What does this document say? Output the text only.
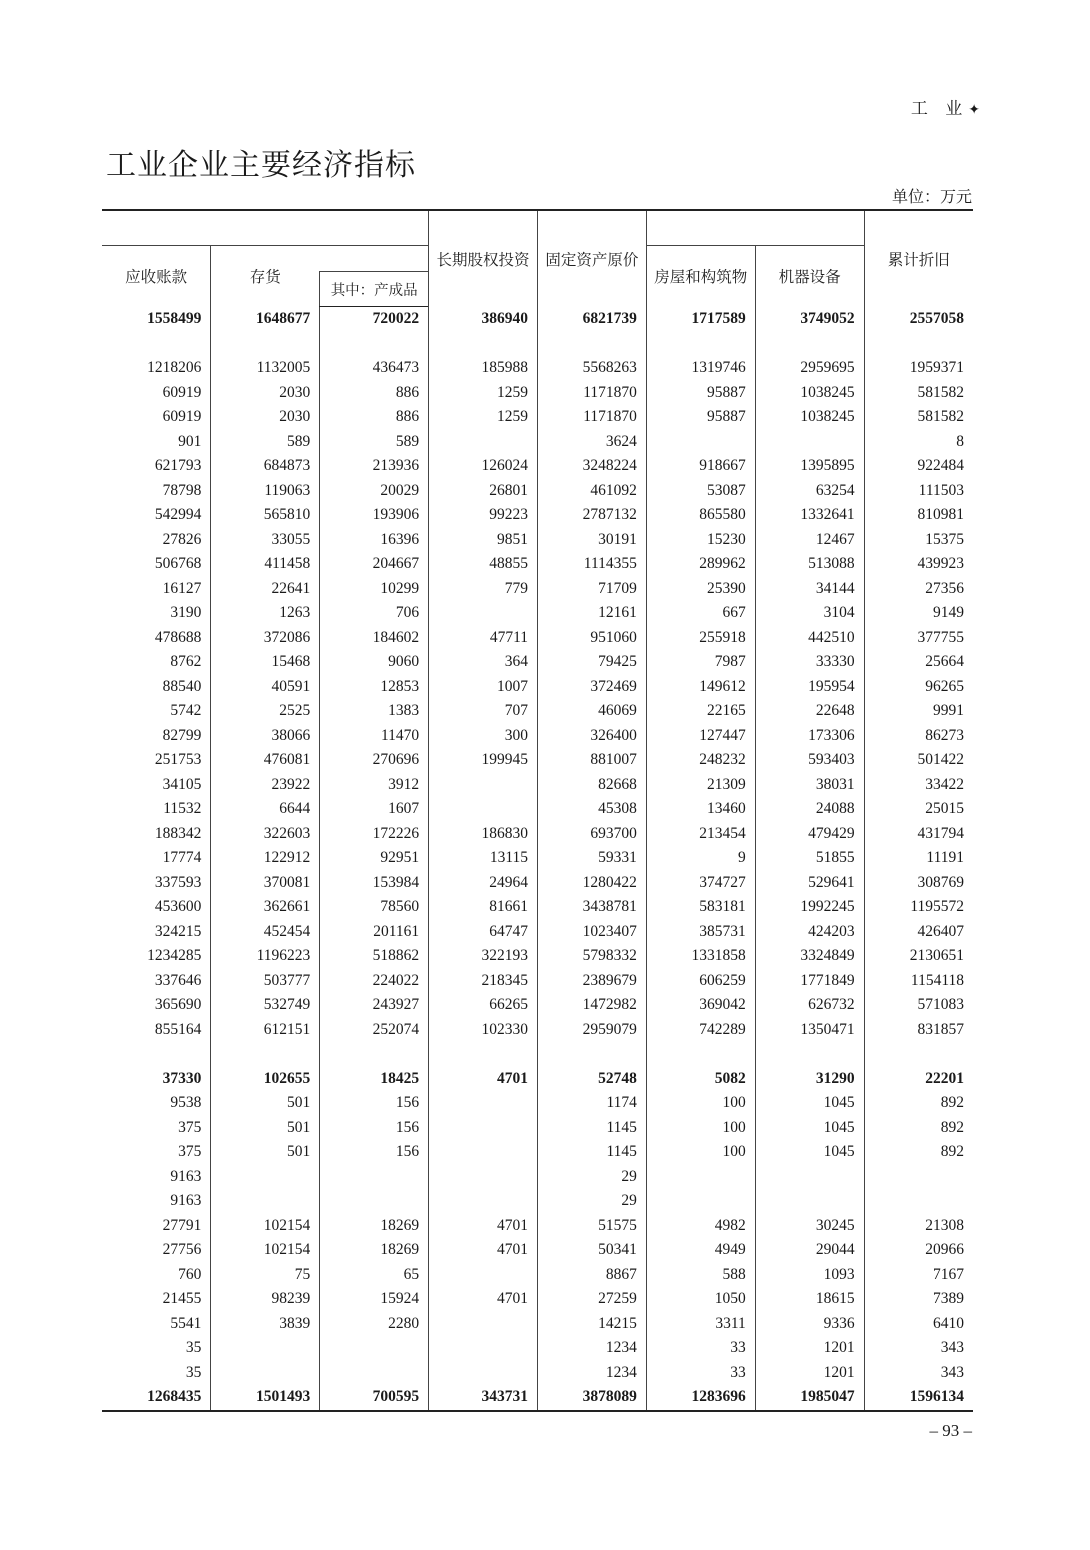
工 业✦
工业企业主要经济指标
单位：万元
			长期股权投资	固定资产原价			累计折旧
应收账款	存货				房屋和构筑物	机器设备	
		其中：产成品					
1558499	1648677	720022	386940	6821739	1717589	3749052	2557058

1218206	1132005	436473	185988	5568263	1319746	2959695	1959371
60919	2030	886	1259	1171870	95887	1038245	581582
60919	2030	886	1259	1171870	95887	1038245	581582
901	589	589		3624			8
621793	684873	213936	126024	3248224	918667	1395895	922484
78798	119063	20029	26801	461092	53087	63254	111503
542994	565810	193906	99223	2787132	865580	1332641	810981
27826	33055	16396	9851	30191	15230	12467	15375
506768	411458	204667	48855	1114355	289962	513088	439923
16127	22641	10299	779	71709	25390	34144	27356
3190	1263	706		12161	667	3104	9149
478688	372086	184602	47711	951060	255918	442510	377755
8762	15468	9060	364	79425	7987	33330	25664
88540	40591	12853	1007	372469	149612	195954	96265
5742	2525	1383	707	46069	22165	22648	9991
82799	38066	11470	300	326400	127447	173306	86273
251753	476081	270696	199945	881007	248232	593403	501422
34105	23922	3912		82668	21309	38031	33422
11532	6644	1607		45308	13460	24088	25015
188342	322603	172226	186830	693700	213454	479429	431794
17774	122912	92951	13115	59331	9	51855	11191
337593	370081	153984	24964	1280422	374727	529641	308769
453600	362661	78560	81661	3438781	583181	1992245	1195572
324215	452454	201161	64747	1023407	385731	424203	426407
1234285	1196223	518862	322193	5798332	1331858	3324849	2130651
337646	503777	224022	218345	2389679	606259	1771849	1154118
365690	532749	243927	66265	1472982	369042	626732	571083
855164	612151	252074	102330	2959079	742289	1350471	831857

37330	102655	18425	4701	52748	5082	31290	22201
9538	501	156		1174	100	1045	892
375	501	156		1145	100	1045	892
375	501	156		1145	100	1045	892
9163				29			
9163				29			
27791	102154	18269	4701	51575	4982	30245	21308
27756	102154	18269	4701	50341	4949	29044	20966
760	75	65		8867	588	1093	7167
21455	98239	15924	4701	27259	1050	18615	7389
5541	3839	2280		14215	3311	9336	6410
35				1234	33	1201	343
35				1234	33	1201	343
1268435	1501493	700595	343731	3878089	1283696	1985047	1596134
– 93 –
